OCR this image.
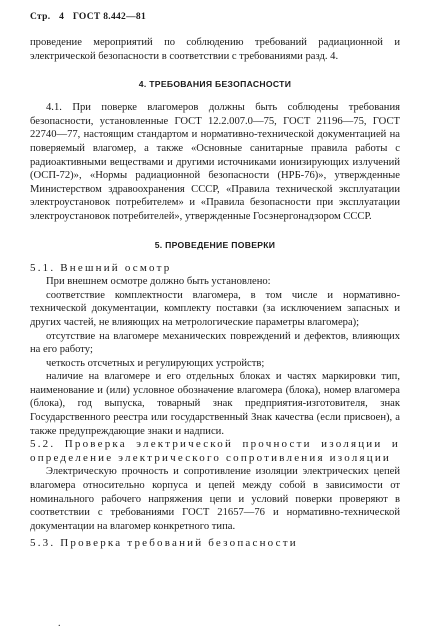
Стр. 4 ГОСТ 8.442—81

проведение мероприятий по соблюдению требований радиационной и электрической безопасности в соответствии с требованиями разд. 4.

4. ТРЕБОВАНИЯ БЕЗОПАСНОСТИ

4.1. При поверке влагомеров должны быть соблюдены требования безопасности, установленные ГОСТ 12.2.007.0—75, ГОСТ 21196—75, ГОСТ 22740—77, настоящим стандартом и нормативно-технической документацией на поверяемый влагомер, а также «Основные санитарные правила работы с радиоактивными веществами и другими источниками ионизирующих излучений (ОСП-72)», «Нормы радиационной безопасности (НРБ-76)», утвержденные Министерством здравоохранения СССР, «Правила технической эксплуатации электроустановок потребителем» и «Правила безопасности при эксплуатации электроустановок потребителей», утвержденные Госэнергонадзором СССР.

5. ПРОВЕДЕНИЕ ПОВЕРКИ

5.1. Внешний осмотр

При внешнем осмотре должно быть установлено:

соответствие комплектности влагомера, в том числе и нормативно-технической документации, комплекту поставки (за исключением запасных и других частей, не влияющих на метрологические параметры влагомера);

отсутствие на влагомере механических повреждений и дефектов, влияющих на его работу;

четкость отсчетных и регулирующих устройств;

наличие на влагомере и его отдельных блоках и частях маркировки тип, наименование и (или) условное обозначение влагомера (блока), номер влагомера (блока), год выпуска, товарный знак предприятия-изготовителя, знак Государственного реестра или государственный Знак качества (если присвоен), а также предупреждающие знаки и надписи.

5.2. Проверка электрической прочности изоляции и определение электрического сопротивления изоляции

Электрическую прочность и сопротивление изоляции электрических цепей влагомера относительно корпуса и цепей между собой в зависимости от номинального рабочего напряжения цепи и условий поверки проверяют в соответствии с требованиями ГОСТ 21657—76 и нормативно-технической документации на влагомер конкретного типа.

5.3. Проверка требований безопасности

.
